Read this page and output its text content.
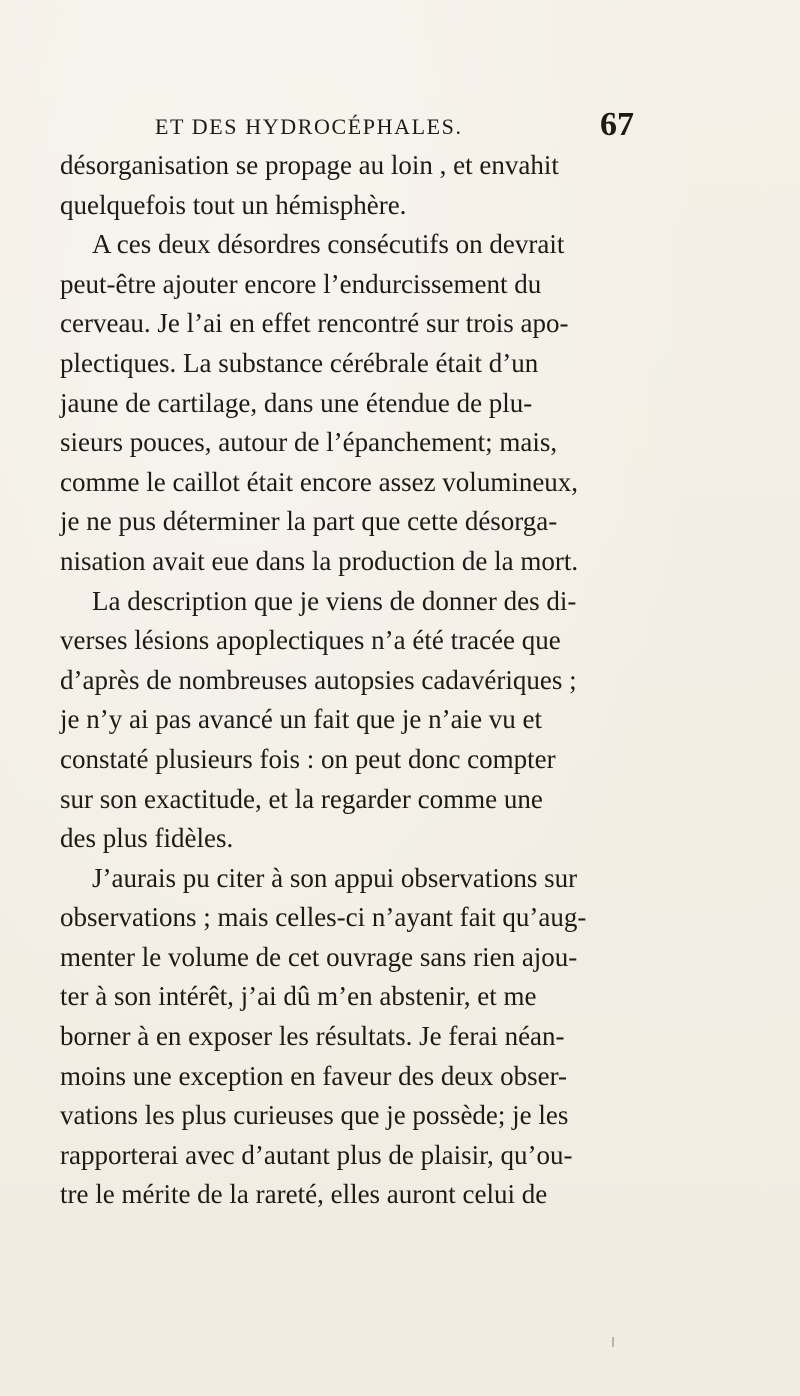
ET DES HYDROCÉPHALES.	67
désorganisation se propage au loin , et envahit
quelquefois tout un hémisphère.
A ces deux désordres consécutifs on devrait
peut-être ajouter encore l’endurcissement du
cerveau. Je l’ai en effet rencontré sur trois apo-
plectiques. La substance cérébrale était d’un
jaune de cartilage, dans une étendue de plu-
sieurs pouces, autour de l’épanchement; mais,
comme le caillot était encore assez volumineux,
je ne pus déterminer la part que cette désorga-
nisation avait eue dans la production de la mort.
La description que je viens de donner des di-
verses lésions apoplectiques n’a été tracée que
d’après de nombreuses autopsies cadavériques ;
je n’y ai pas avancé un fait que je n’aie vu et
constaté plusieurs fois : on peut donc compter
sur son exactitude, et la regarder comme une
des plus fidèles.
J’aurais pu citer à son appui observations sur
observations ; mais celles-ci n’ayant fait qu’aug-
menter le volume de cet ouvrage sans rien ajou-
ter à son intérêt, j’ai dû m’en abstenir, et me
borner à en exposer les résultats. Je ferai néan-
moins une exception en faveur des deux obser-
vations les plus curieuses que je possède; je les
rapporterai avec d’autant plus de plaisir, qu’ou-
tre le mérite de la rareté, elles auront celui de
